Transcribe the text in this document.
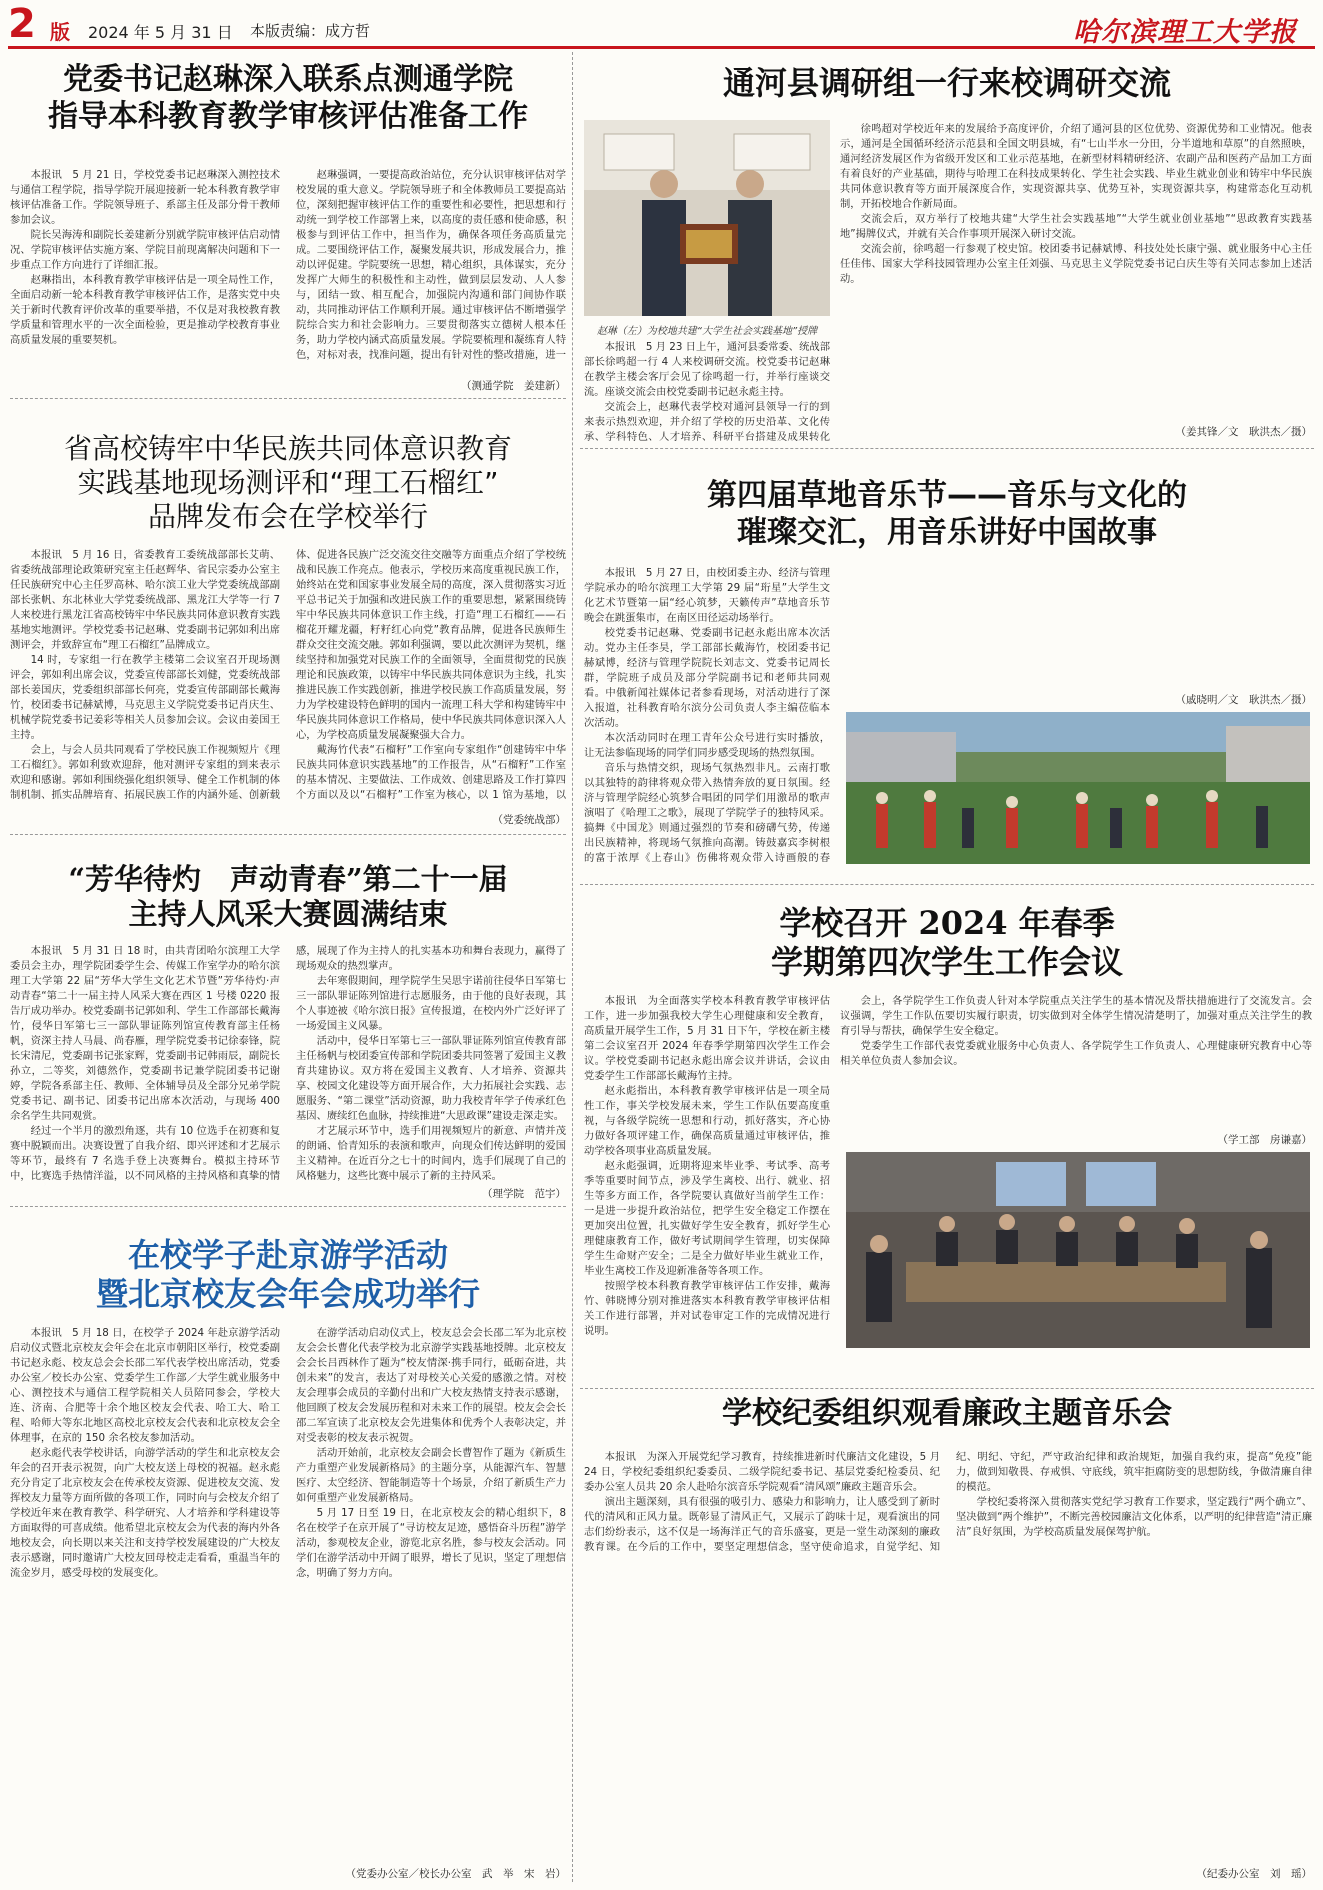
2 版 2024 年 5 月 31 日 本版责编：成方哲	哈尔滨理工大学报
党委书记赵琳深入联系点测通学院
指导本科教育教学审核评估准备工作

本报讯　5 月 21 日，学校党委书记赵琳深入测控技术与通信工程学院，指导学院开展迎接新一轮本科教育教学审核评估准备工作。学院领导班子、系部主任及部分骨干教师参加会议。

院长吴海涛和副院长姜建新分别就学院审核评估启动情况、学院审核评估实施方案、学院目前现离解决问题和下一步重点工作方向进行了详细汇报。

赵琳指出，本科教育教学审核评估是一项全局性工作，全面启动新一轮本科教育教学审核评估工作，是落实党中央关于新时代教育评价改革的重要举措，不仅是对我校教育教学质量和管理水平的一次全面检验，更是推动学校教育事业高质量发展的重要契机。

赵琳强调，一要提高政治站位，充分认识审核评估对学校发展的重大意义。学院领导班子和全体教师员工要提高站位，深刻把握审核评估工作的重要性和必要性，把思想和行动统一到学校工作部署上来，以高度的责任感和使命感，积极参与到评估工作中，担当作为，确保各项任务高质量完成。二要围绕评估工作，凝聚发展共识，形成发展合力，推动以评促建。学院要统一思想，精心组织，具体谋实，充分发挥广大师生的积极性和主动性，做到层层发动、人人参与，团结一致、相互配合，加强院内沟通和部门间协作联动，共同推动评估工作顺利开展。通过审核评估不断增强学院综合实力和社会影响力。三要贯彻落实立德树人根本任务，助力学校内涵式高质量发展。学院要梳理和凝练育人特色，对标对表，找准问题，提出有针对性的整改措施，进一

（测通学院　姜建新）
通河县调研组一行来校调研交流
赵琳（左）为校地共建“大学生社会实践基地”授牌

本报讯　5 月 23 日上午，通河县委常委、统战部部长徐鸣超一行 4 人来校调研交流。校党委书记赵琳在教学主楼会客厅会见了徐鸣超一行，并举行座谈交流。座谈交流会由校党委副书记赵永彪主持。

交流会上，赵琳代表学校对通河县领导一行的到来表示热烈欢迎，并介绍了学校的历史沿革、文化传承、学科特色、人才培养、科研平台搭建及成果转化

徐鸣超对学校近年来的发展给予高度评价，介绍了通河县的区位优势、资源优势和工业情况。他表示，通河是全国循环经济示范县和全国文明县城，有“七山半水一分田，分半道地和草原”的自然照映，通河经济发展区作为省级开发区和工业示范基地，在新型材料精研经济、农副产品和医药产品加工方面有着良好的产业基础，期待与哈理工在科技成果转化、学生社会实践、毕业生就业创业和铸牢中华民族共同体意识教育等方面开展深度合作，实现资源共享、优势互补，实现资源共享，构建常态化互动机制，开拓校地合作新局面。

交流会后，双方举行了校地共建“大学生社会实践基地”“大学生就业创业基地”“思政教育实践基地”揭牌仪式，并就有关合作事项开展深入研讨交流。

交流会前，徐鸣超一行参观了校史馆。校团委书记赫斌博、科技处处长康宁强、就业服务中心主任任佳伟、国家大学科技园管理办公室主任刘强、马克思主义学院党委书记白庆生等有关同志参加上述活动。

（姜其锋／文　耿洪杰／摄）
省高校铸牢中华民族共同体意识教育
实践基地现场测评和“理工石榴红”
品牌发布会在学校举行

本报讯　5 月 16 日，省委教育工委统战部部长艾萌、省委统战部理论政策研究室主任赵辉华、省民宗委办公室主任民族研究中心主任罗高林、哈尔滨工业大学党委统战部副部长张帆、东北林业大学党委统战部、黑龙江大学等一行 7 人来校进行黑龙江省高校铸牢中华民族共同体意识教育实践基地实地测评。学校党委书记赵琳、党委副书记郭如利出席测评会，并致辞宣布“理工石榴红”品牌成立。

14 时，专家组一行在教学主楼第二会议室召开现场测评会，郭如利出席会议，党委宣传部部长刘健，党委统战部部长姜国庆，党委组织部部长何亮，党委宣传部副部长戴海竹，校团委书记赫斌博，马克思主义学院党委书记肖庆生、机械学院党委书记姜彩等相关人员参加会议。会议由姜国王主持。

会上，与会人员共同观看了学校民族工作视频短片《理工石榴红》。郭如利致欢迎辞，他对测评专家组的到来表示欢迎和感谢。郭如利围绕强化组织领导、健全工作机制的体制机制、抓实品牌培育、拓展民族工作的内涵外延、创新载体、促进各民族广泛交流交往交融等方面重点介绍了学校统战和民族工作亮点。他表示，学校历来高度重视民族工作，始终站在党和国家事业发展全局的高度，深入贯彻落实习近平总书记关于加强和改进民族工作的重要思想，紧紧围绕铸牢中华民族共同体意识工作主线，打造“理工石榴红——石榴花开耀龙疆，籽籽红心向党”教育品牌，促进各民族师生群众交往交流交融。郭如利强调，要以此次测评为契机，继续坚持和加强党对民族工作的全面领导，全面贯彻党的民族理论和民族政策，以铸牢中华民族共同体意识为主线，扎实推进民族工作实践创新，推进学校民族工作高质量发展，努力为学校建设特色鲜明的国内一流理工科大学和构建铸牢中华民族共同体意识工作格局，使中华民族共同体意识深入人心，为学校高质量发展凝聚强大合力。

戴海竹代表“石榴籽”工作室向专家组作“创建铸牢中华民族共同体意识实践基地”的工作报告，从“石榴籽”工作室的基本情况、主要做法、工作成效、创建思路及工作打算四个方面以及以“石榴籽”工作室为核心，以 1 馆为基地，以

（党委统战部）
第四届草地音乐节——音乐与文化的
璀璨交汇，用音乐讲好中国故事

本报讯　5 月 27 日，由校团委主办、经济与管理学院承办的哈尔滨理工大学第 29 届“珩星”大学生文化艺术节暨第一届“经心筑梦，天籁传声”草地音乐节晚会在跳蛋集市，在南区田径运动场举行。

校党委书记赵琳、党委副书记赵永彪出席本次活动。党办主任李昊，学工部部长戴海竹，校团委书记赫斌博，经济与管理学院院长刘志文、党委书记周长群，学院班子成员及部分学院副书记和老师共同观看。中俄新闻社媒体记者参看现场，对活动进行了深入报道，社科教育哈尔滨分公司负责人李主编莅临本次活动。

本次活动同时在理工青年公众号进行实时播放，让无法参临现场的同学们同步感受现场的热烈氛围。

音乐与热情交织，现场气氛热烈非凡。云南打歌以其独特的韵律将观众带入热情奔放的夏日氛围。经济与管理学院经心筑梦合唱团的同学们用激昂的歌声演唱了《哈理工之歌》，展现了学院学子的独特风采。搞舞《中国龙》则通过强烈的节奏和磅礴气势，传递出民族精神，将现场气氛推向高潮。铸鼓嘉宾李树根的富于浓厚《上春山》伤佛将观众带入诗画般的春

（戚晓明／文　耿洪杰／摄）
“芳华待灼　声动青春”第二十一届
主持人风采大赛圆满结束

本报讯　5 月 31 日 18 时，由共青团哈尔滨理工大学委员会主办，理学院团委学生会、传媒工作室学办的哈尔滨理工大学第 22 届“芳华大学生文化艺术节暨”芳华待灼·声动青春“第二十一届主持人风采大赛在西区 1 号楼 0220 报告厅成功举办。校党委副书记郭如利、学生工作部部长戴海竹，侵华日军第七三一部队罪证陈列馆宣传教育部主任杨帆，资深主持人马晨、尚春雁，理学院党委书记徐泰锋，院长宋清尼，党委副书记张家辉，党委副书记韩雨辰，副院长孙立，二等奖，刘德然作，党委副书记兼学院团委书记谢婷，学院各系部主任、教师、全体辅导员及全部分兄弟学院党委书记、副书记、团委书记出席本次活动，与现场 400 余名学生共同观赏。

经过一个半月的激烈角逐，共有 10 位选手在初赛和复赛中脱颖而出。决赛设置了自我介绍、即兴评述和才艺展示等环节，最终有 7 名选手登上决赛舞台。模拟主持环节中，比赛选手热情洋溢，以不同风格的主持风格和真挚的情感，展现了作为主持人的扎实基本功和舞台表现力，赢得了现场观众的热烈掌声。

去年寒假期间，理学院学生吴思宇诺前往侵华日军第七三一部队罪证陈列馆进行志愿服务，由于他的良好表现，其个人事迹被《哈尔滨日报》宣传报道，在校内外广泛好评了一场爱国主义风暴。

活动中，侵华日军第七三一部队罪证陈列馆宣传教育部主任杨帆与校团委宣传部和学院团委共同签署了爱国主义教育共建协议。双方将在爱国主义教育、人才培养、资源共享、校园文化建设等方面开展合作，大力拓展社会实践、志愿服务、“第二课堂”活动资源，助力我校青年学子传承红色基因、赓续红色血脉，持续推进“大思政课”建设走深走实。

才艺展示环节中，选手们用视频短片的新意、声情并茂的朗诵、恰青知乐的表演和歌声，向现众们传达鲜明的爱国主义精神。在近百分之七十的时间内，选手们展现了自己的风格魅力，这些比赛中展示了新的主持风采。

（理学院　范宇）
学校召开 2024 年春季
学期第四次学生工作会议

本报讯　为全面落实学校本科教育教学审核评估工作，进一步加强我校大学生心理健康和安全教育，高质量开展学生工作，5 月 31 日下午，学校在新主楼第二会议室召开 2024 年春季学期第四次学生工作会议。学校党委副书记赵永彪出席会议并讲话，会议由党委学生工作部部长戴海竹主持。

赵永彪指出，本科教育教学审核评估是一项全局性工作，事关学校发展未来，学生工作队伍要高度重视，与各级学院统一思想和行动，抓好落实，齐心协力做好各项评建工作，确保高质量通过审核评估，推动学校各项事业高质量发展。

赵永彪强调，近期将迎来毕业季、考试季、高考季等重要时间节点，涉及学生离校、出行、就业、招生等多方面工作，各学院要认真做好当前学生工作：一是进一步提升政治站位，把学生安全稳定工作摆在更加突出位置，扎实做好学生安全教育，抓好学生心理健康教育工作，做好考试期间学生管理，切实保障学生生命财产安全；二是全力做好毕业生就业工作，毕业生离校工作及迎新准备等各项工作。

按照学校本科教育教学审核评估工作安排，戴海竹、韩晓博分别对推进落实本科教育教学审核评估相关工作进行部署，并对试卷审定工作的完成情况进行说明。

会上，各学院学生工作负责人针对本学院重点关注学生的基本情况及帮扶措施进行了交流发言。会议强调，学生工作队伍要切实履行职责，切实做到对全体学生情况清楚明了，加强对重点关注学生的教育引导与帮扶，确保学生安全稳定。

党委学生工作部代表党委就业服务中心负责人、各学院学生工作负责人、心理健康研究教育中心等相关单位负责人参加会议。

（学工部　房谦嘉）
在校学子赴京游学活动
暨北京校友会年会成功举行

本报讯　5 月 18 日，在校学子 2024 年赴京游学活动启动仪式暨北京校友会年会在北京市朝阳区举行，校党委副书记赵永彪、校友总会会长邵二军代表学校出席活动，党委办公室／校长办公室、党委学生工作部／大学生就业服务中心、测控技术与通信工程学院相关人员陪同参会，学校大连、济南、合肥等十余个地区校友会代表、哈工大、哈工程、哈师大等东北地区高校北京校友会代表和北京校友会全体理事，在京的 150 余名校友参加活动。

赵永彪代表学校讲话，向游学活动的学生和北京校友会年会的召开表示祝贺，向广大校友送上母校的祝福。赵永彪充分肯定了北京校友会在传承校友资源、促进校友交流、发挥校友力量等方面所做的各项工作，同时向与会校友介绍了学校近年来在教育教学、科学研究、人才培养和学科建设等方面取得的可喜成绩。他希望北京校友会为代表的海内外各地校友会，向长期以来关注和支持学校发展建设的广大校友表示感谢，同时邀请广大校友回母校走走看看，重温当年的流金岁月，感受母校的发展变化。

在游学活动启动仪式上，校友总会会长邵二军为北京校友会会长曹化代表学校为北京游学实践基地授牌。北京校友会会长吕西林作了题为“校友情深·携手同行，砥砺奋进，共创未来”的发言，表达了对母校关心关爱的感激之情。对校友会理事会成员的辛勤付出和广大校友热情支持表示感谢，他回顾了校友会发展历程和对未来工作的展望。校友会会长邵二军宣读了北京校友会先进集体和优秀个人表彰决定，并对受表彰的校友表示祝贺。

活动开始前，北京校友会副会长曹智作了题为《新质生产力重塑产业发展新格局》的主题分享，从能源汽车、智慧医疗、太空经济、智能制造等十个场景，介绍了新质生产力如何重塑产业发展新格局。

5 月 17 日至 19 日，在北京校友会的精心组织下，8 名在校学子在京开展了“寻访校友足迹，感悟奋斗历程”游学活动，参观校友企业，游览北京名胜，参与校友会活动。同学们在游学活动中开阔了眼界，增长了见识，坚定了理想信念，明确了努力方向。

（党委办公室／校长办公室　武　举　宋　岩）
学校纪委组织观看廉政主题音乐会

本报讯　为深入开展党纪学习教育，持续推进新时代廉洁文化建设，5 月 24 日，学校纪委组织纪委委员、二级学院纪委书记、基层党委纪检委员、纪委办公室人员共 20 余人赴哈尔滨音乐学院观看“清风颂”廉政主题音乐会。

演出主题深刻，具有很强的吸引力、感染力和影响力，让人感受到了新时代的清风和正风力量。既彰显了清风正气，又展示了韵味十足，观看演出的同志们纷纷表示，这不仅是一场海洋正气的音乐盛宴，更是一堂生动深刻的廉政教育课。在今后的工作中，要坚定理想信念，坚守使命追求，自觉学纪、知纪、明纪、守纪，严守政治纪律和政治规矩，加强自我约束，提高“免疫”能力，做到知敬畏、存戒惧、守底线，筑牢拒腐防变的思想防线，争做清廉自律的模范。

学校纪委将深入贯彻落实党纪学习教育工作要求，坚定践行“两个确立”、坚决做到“两个维护”，不断完善校园廉洁文化体系，以严明的纪律营造“清正廉洁”良好氛围，为学校高质量发展保驾护航。

（纪委办公室　刘　瑶）
